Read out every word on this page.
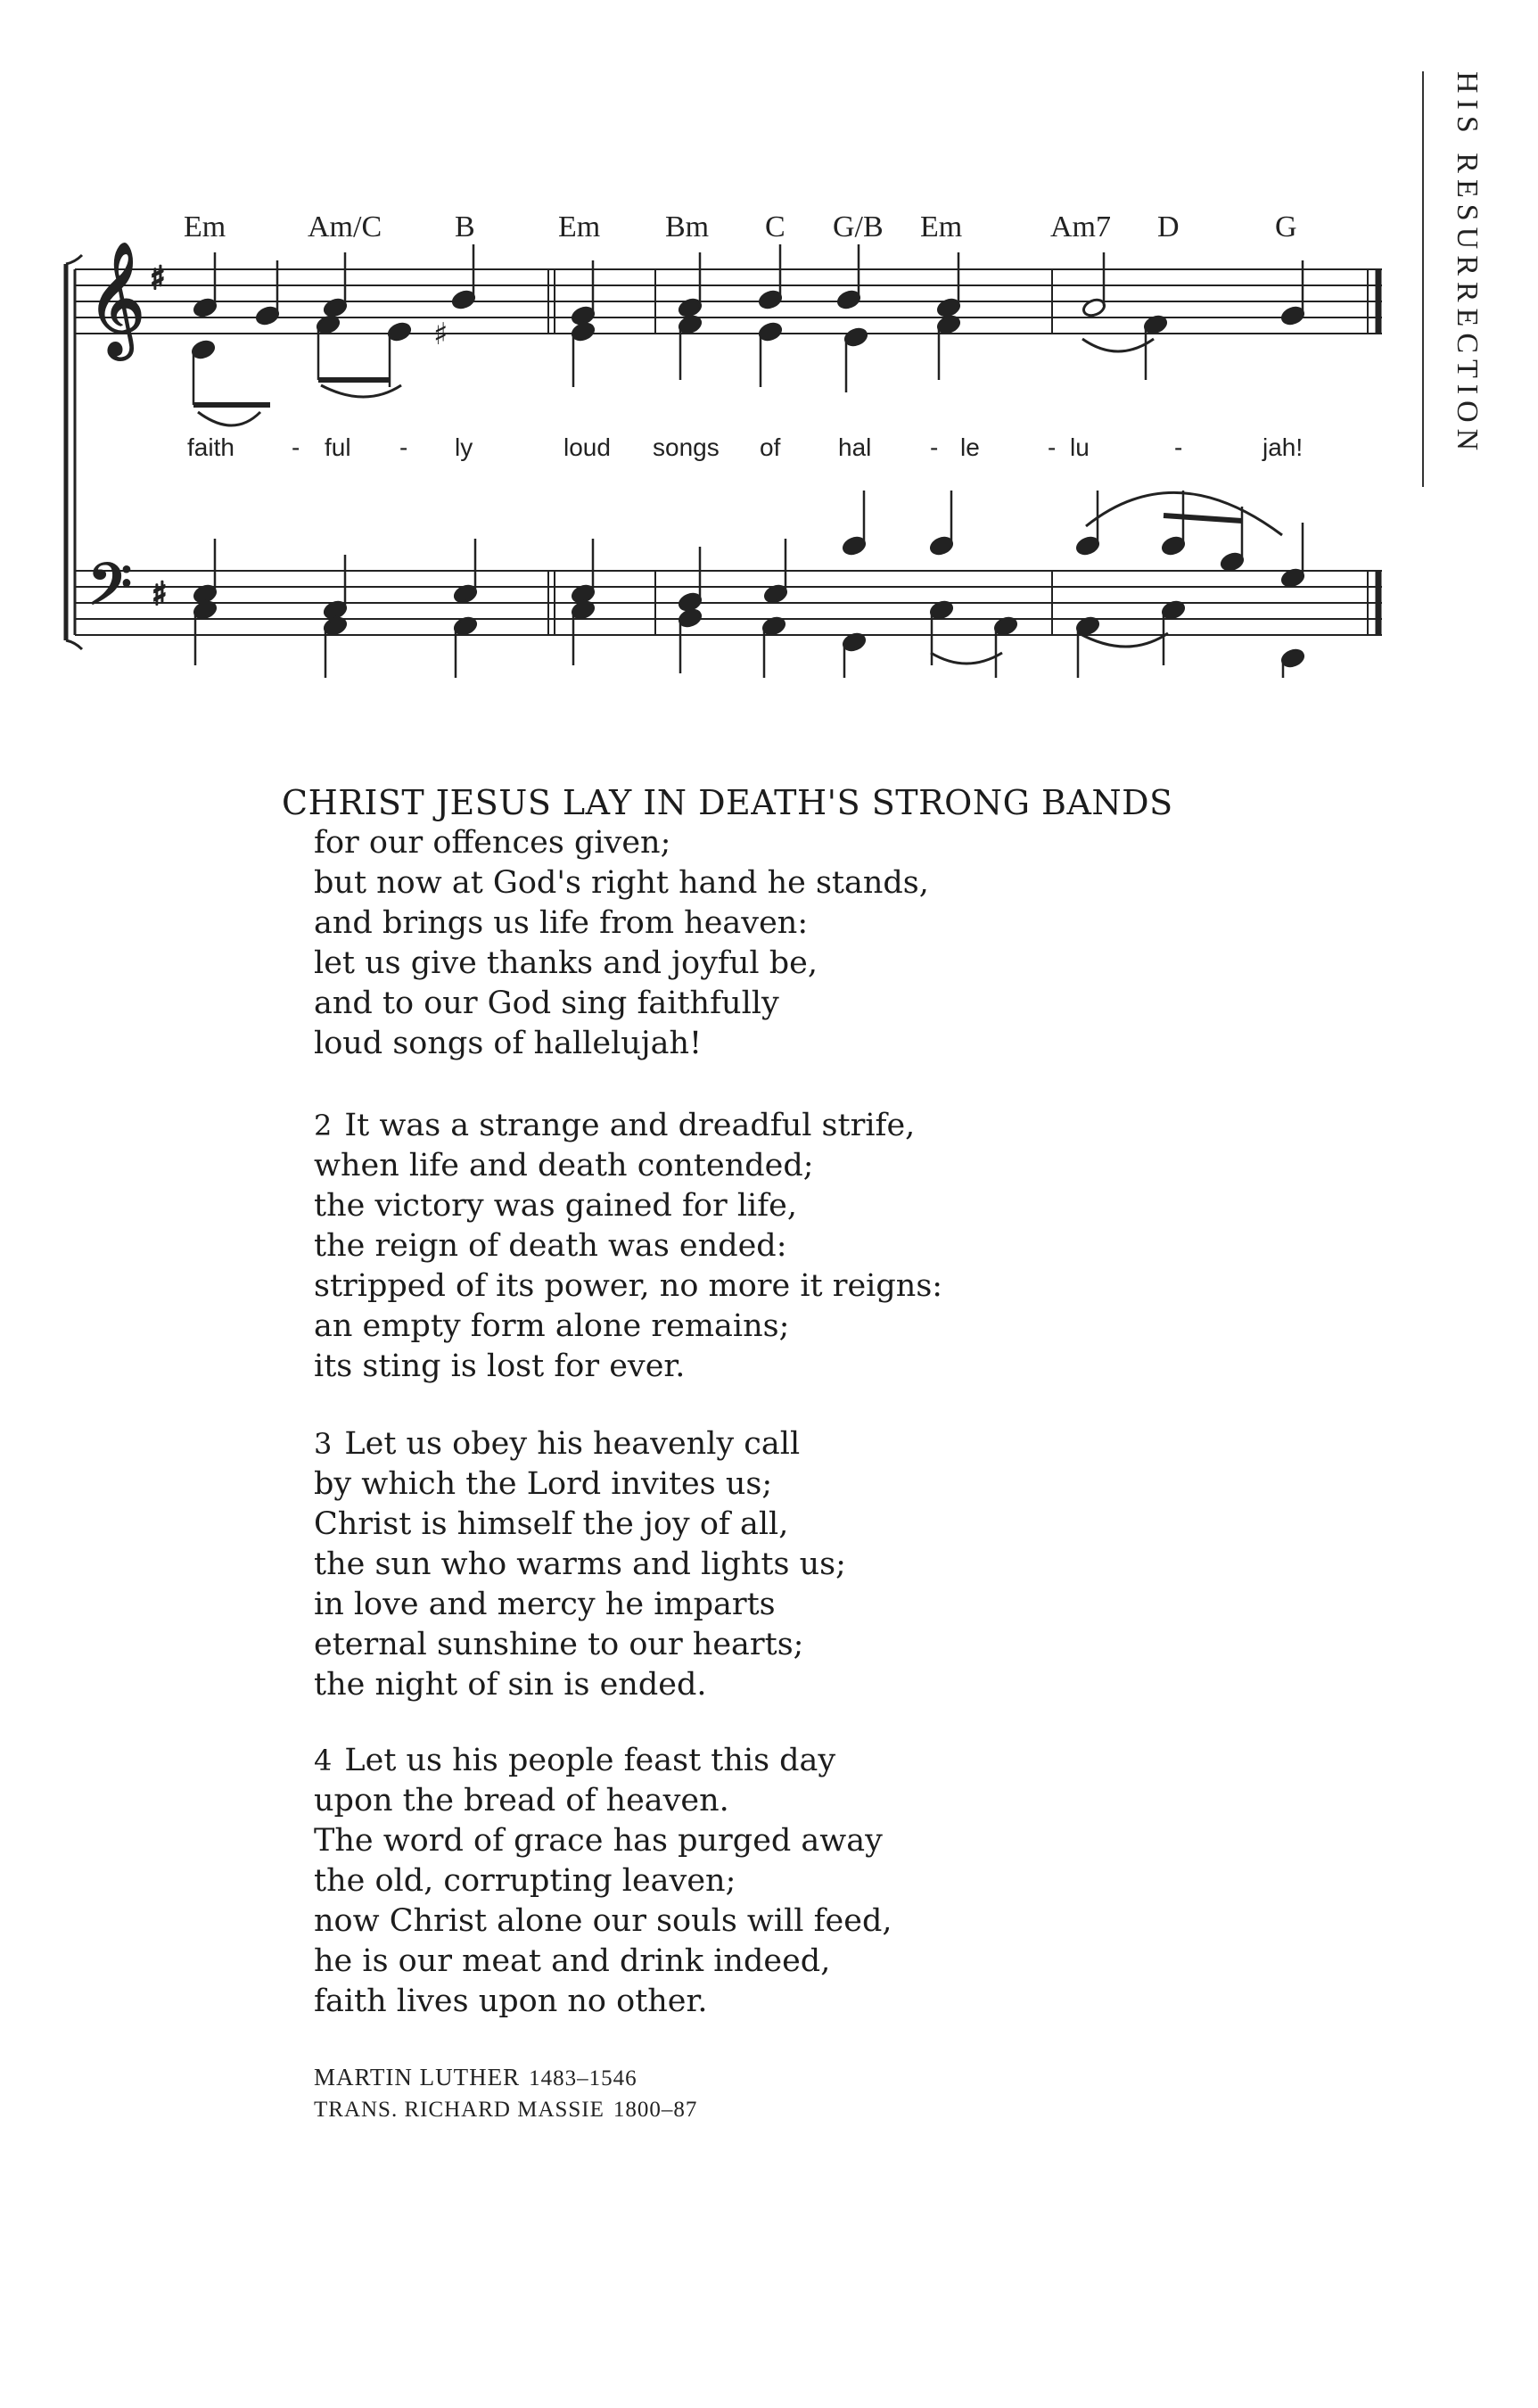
𝄞 ♯
𝄢 ♯
♯	HIS RESURRECTION
Em	Am/C B	Em Bm C G/B Em	Am7 D	G
faith - ful - ly	loud songs of hal - le	- lu	-	jah!
CHRIST JESUS LAY IN DEATH'S STRONG BANDS
for our offences given;
but now at God's right hand he stands,
and brings us life from heaven:
let us give thanks and joyful be,
and to our God sing faithfully
loud songs of hallelujah!
2 It was a strange and dreadful strife,
when life and death contended;
the victory was gained for life,
the reign of death was ended:
stripped of its power, no more it reigns:
an empty form alone remains;
its sting is lost for ever.
3 Let us obey his heavenly call
by which the Lord invites us;
Christ is himself the joy of all,
the sun who warms and lights us;
in love and mercy he imparts
eternal sunshine to our hearts;
the night of sin is ended.
4 Let us his people feast this day
upon the bread of heaven.
The word of grace has purged away
the old, corrupting leaven;
now Christ alone our souls will feed,
he is our meat and drink indeed,
faith lives upon no other.
MARTIN LUTHER 1483–1546
TRANS. RICHARD MASSIE 1800–87
